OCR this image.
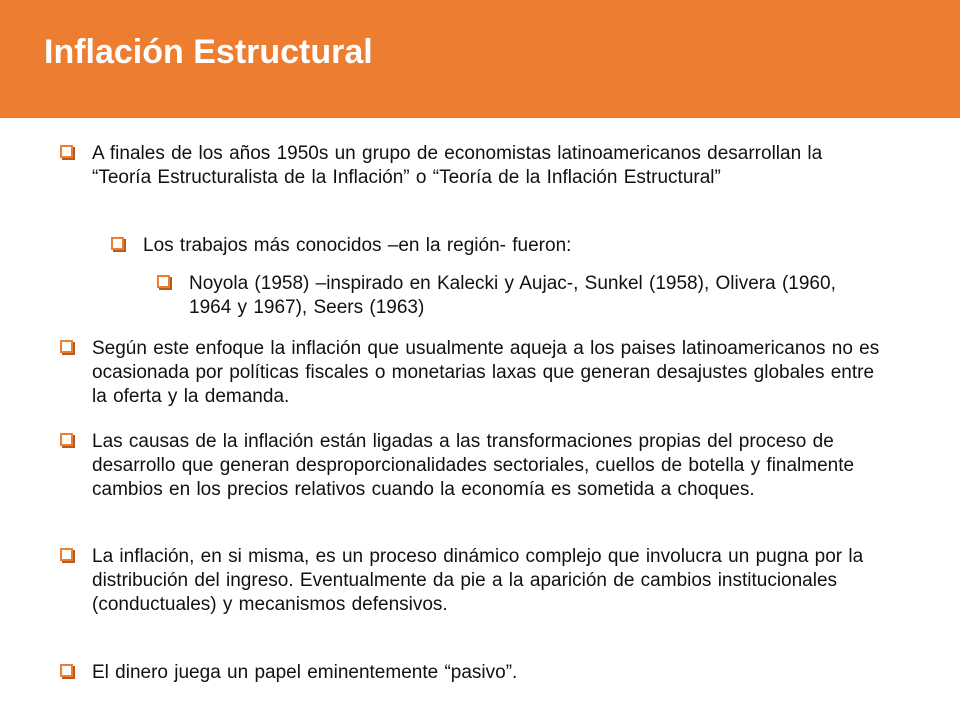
Inflación Estructural
A finales de los años 1950s un grupo de economistas latinoamericanos desarrollan la “Teoría Estructuralista de la Inflación” o “Teoría de la Inflación Estructural”
Los trabajos más conocidos –en la región- fueron:
Noyola (1958) –inspirado en Kalecki y Aujac-, Sunkel (1958), Olivera (1960, 1964 y 1967), Seers (1963)
Según este enfoque la inflación que usualmente aqueja a los paises latinoamericanos no es ocasionada por políticas fiscales o monetarias laxas que generan desajustes globales entre la oferta y la demanda.
Las causas de la inflación están ligadas a las transformaciones propias del proceso de desarrollo que generan desproporcionalidades sectoriales, cuellos de botella y finalmente cambios en los precios relativos cuando la economía es sometida a choques.
La inflación, en si misma, es un proceso dinámico complejo que involucra un pugna por la distribución del ingreso. Eventualmente da pie a la aparición de cambios institucionales (conductuales) y mecanismos defensivos.
El dinero juega un papel eminentemente “pasivo”.
